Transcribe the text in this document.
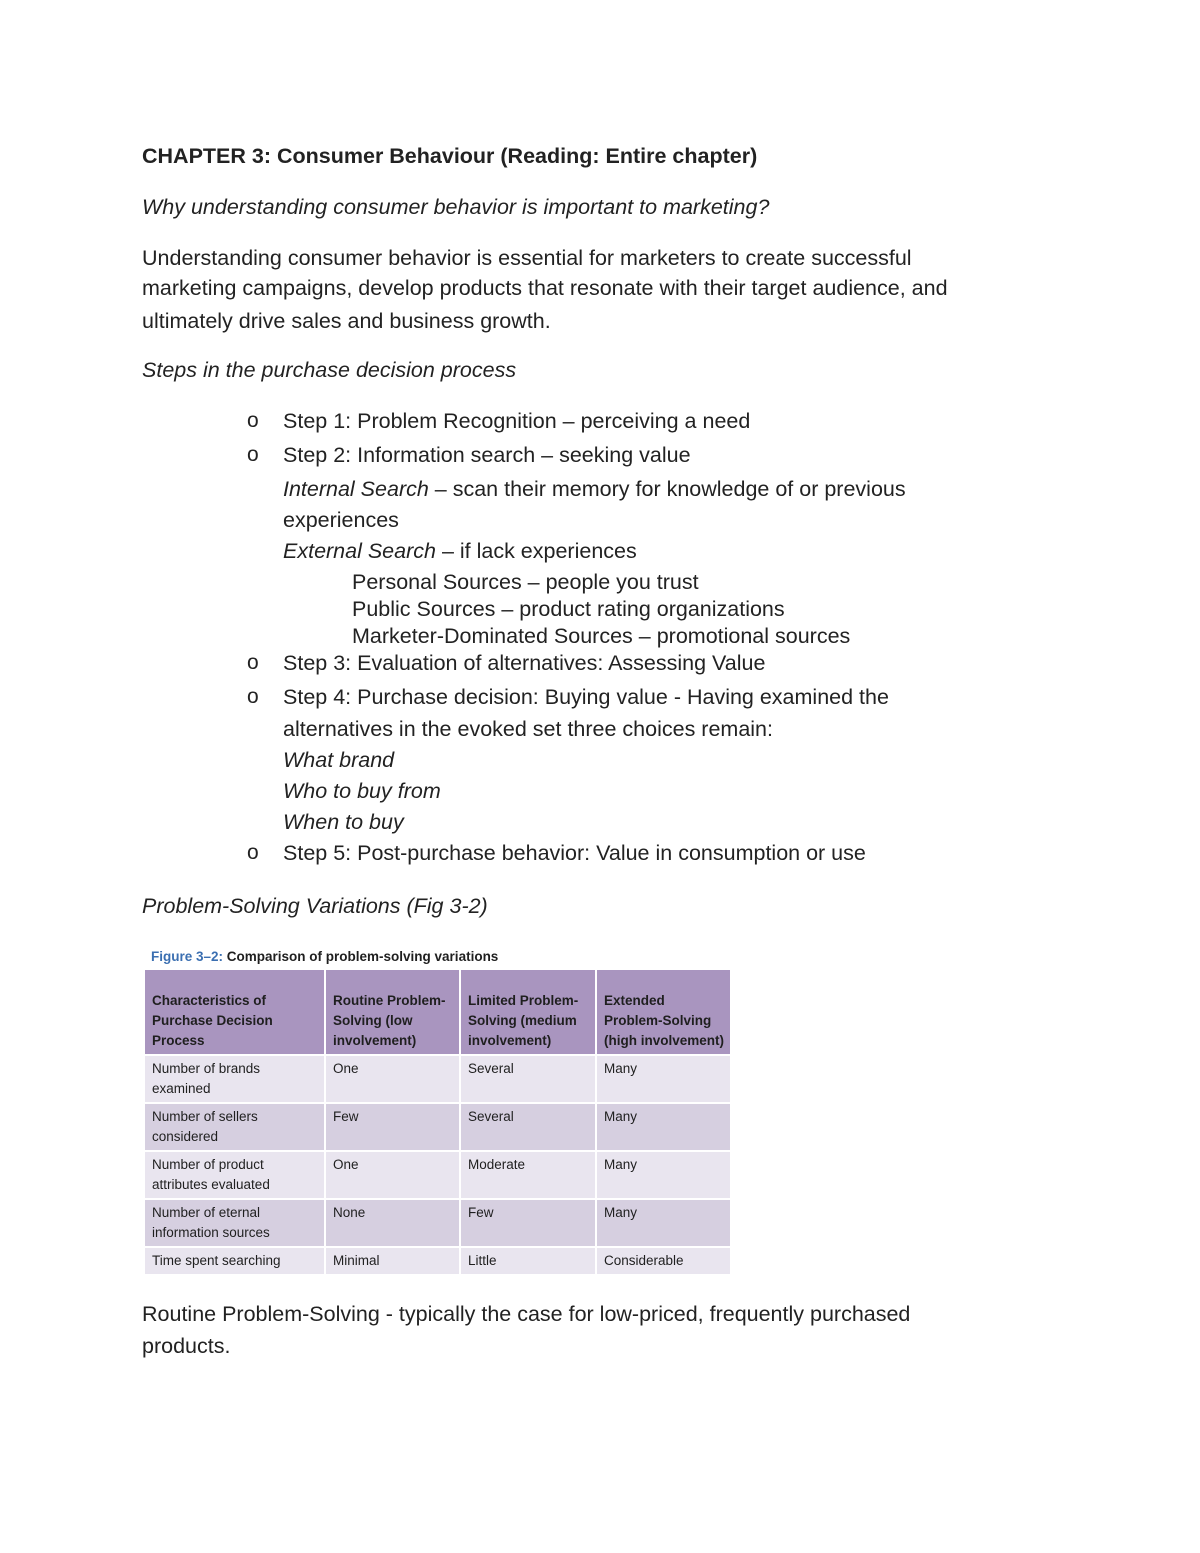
CHAPTER 3: Consumer Behaviour (Reading: Entire chapter)

Why understanding consumer behavior is important to marketing?

Understanding consumer behavior is essential for marketers to create successful

marketing campaigns, develop products that resonate with their target audience, and

ultimately drive sales and business growth.

Steps in the purchase decision process

o Step 1: Problem Recognition – perceiving a need

o Step 2: Information search – seeking value

Internal Search – scan their memory for knowledge of or previous

experiences

External Search – if lack experiences

Personal Sources – people you trust

Public Sources – product rating organizations

Marketer-Dominated Sources – promotional sources

o Step 3: Evaluation of alternatives: Assessing Value

o Step 4: Purchase decision: Buying value - Having examined the

alternatives in the evoked set three choices remain:

What brand

Who to buy from

When to buy

o Step 5: Post-purchase behavior: Value in consumption or use

Problem-Solving Variations (Fig 3-2)

Figure 3–2: Comparison of problem-solving variations
Characteristics of Purchase Decision Process	Routine Problem-Solving (low involvement)	Limited Problem-Solving (medium involvement)	Extended Problem-Solving (high involvement)
Number of brands examined	One	Several	Many
Number of sellers considered	Few	Several	Many
Number of product attributes evaluated	One	Moderate	Many
Number of eternal information sources	None	Few	Many
Time spent searching	Minimal	Little	Considerable

Routine Problem-Solving - typically the case for low-priced, frequently purchased

products.
